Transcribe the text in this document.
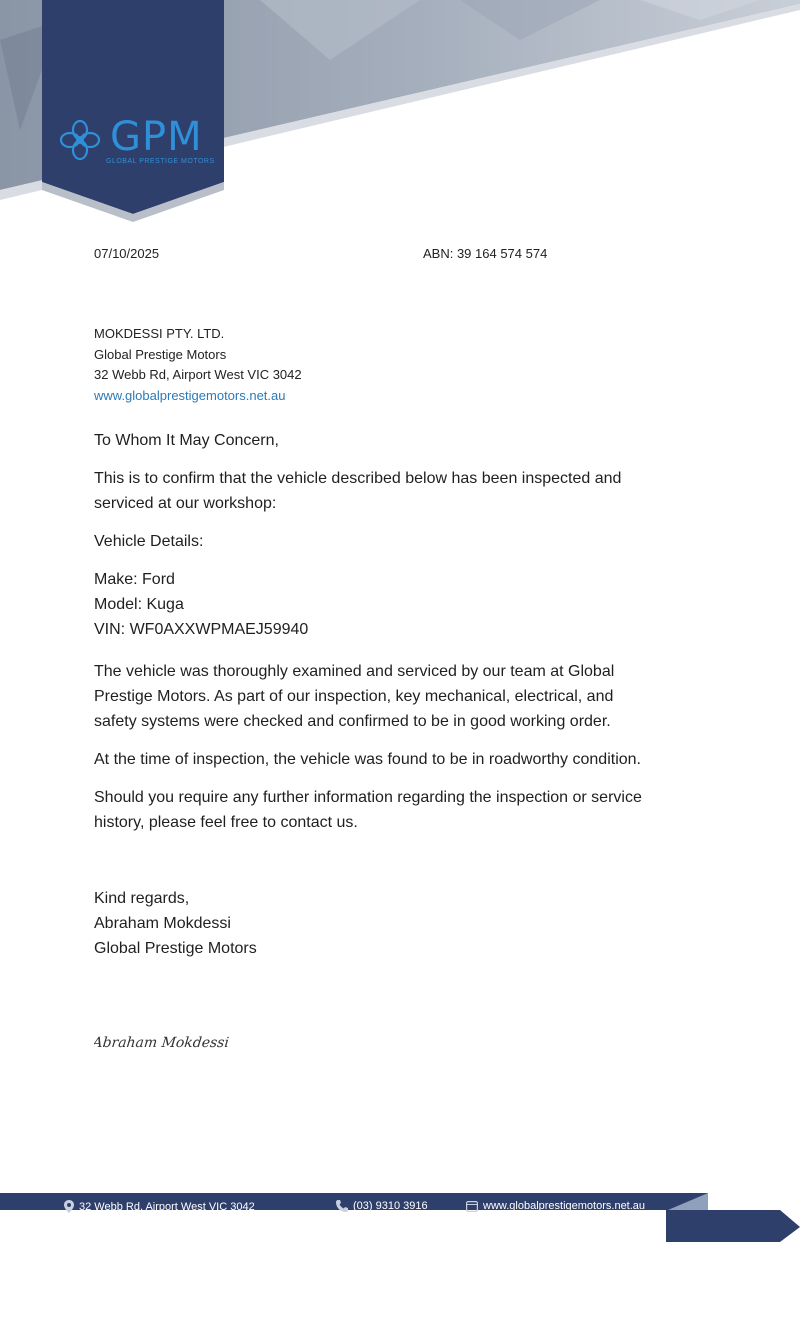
GPM
GLOBAL PRESTIGE MOTORS
07/10/2025	ABN: 39 164 574 574
MOKDESSI PTY. LTD.
Global Prestige Motors
32 Webb Rd, Airport West VIC 3042
www.globalprestigemotors.net.au

To Whom It May Concern,

This is to confirm that the vehicle described below has been inspected and serviced at our workshop:

Vehicle Details:

Make: Ford

Model: Kuga

VIN: WF0AXXWPMAEJ59940

The vehicle was thoroughly examined and serviced by our team at Global Prestige Motors. As part of our inspection, key mechanical, electrical, and safety systems were checked and confirmed to be in good working order.

At the time of inspection, the vehicle was found to be in roadworthy condition.

Should you require any further information regarding the inspection or service history, please feel free to contact us.

Kind regards,

Abraham Mokdessi

Global Prestige Motors

Abraham Mokdessi
32 Webb Rd, Airport West VIC 3042	(03) 9310 3916	www.globalprestigemotors.net.au
